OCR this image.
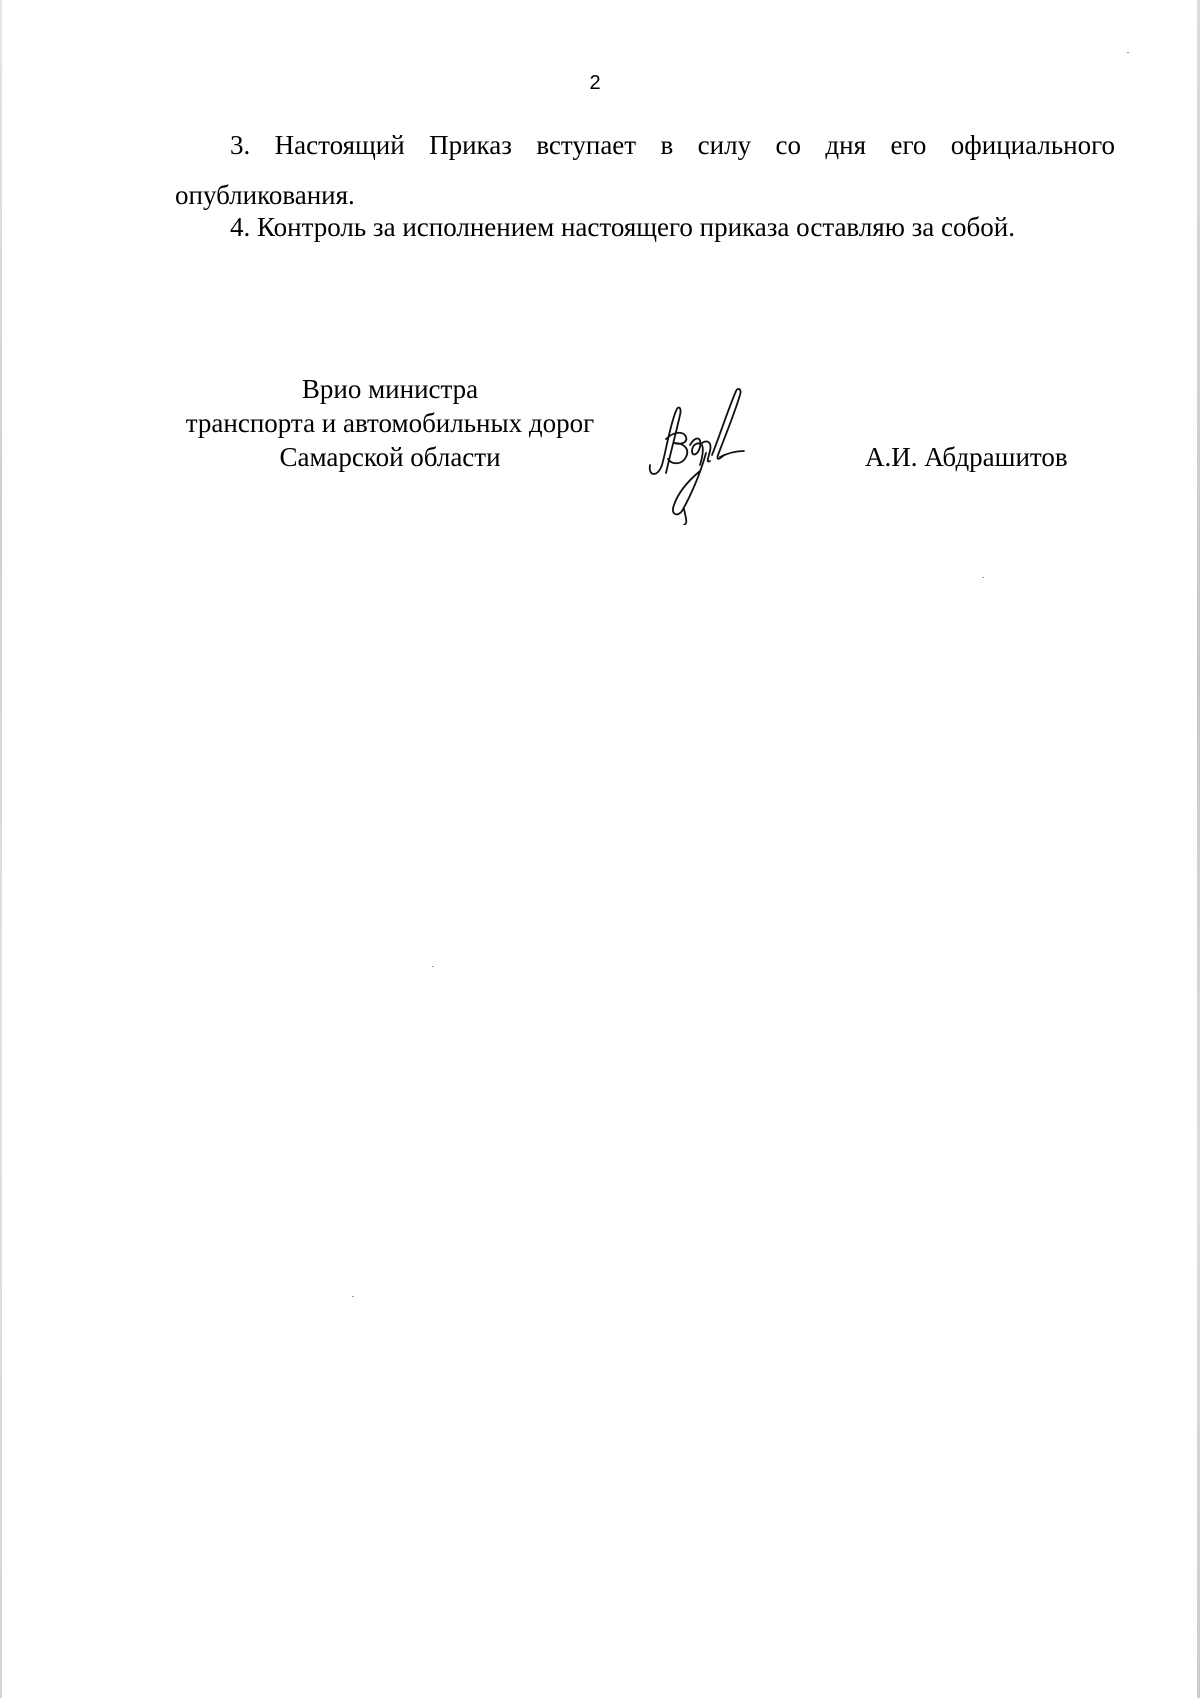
2
3. Настоящий Приказ вступает в силу со дня его официального опубликования.
4. Контроль за исполнением настоящего приказа оставляю за собой.
Врио министра
транспорта и автомобильных дорог
Самарской области	А.И. Абдрашитов
